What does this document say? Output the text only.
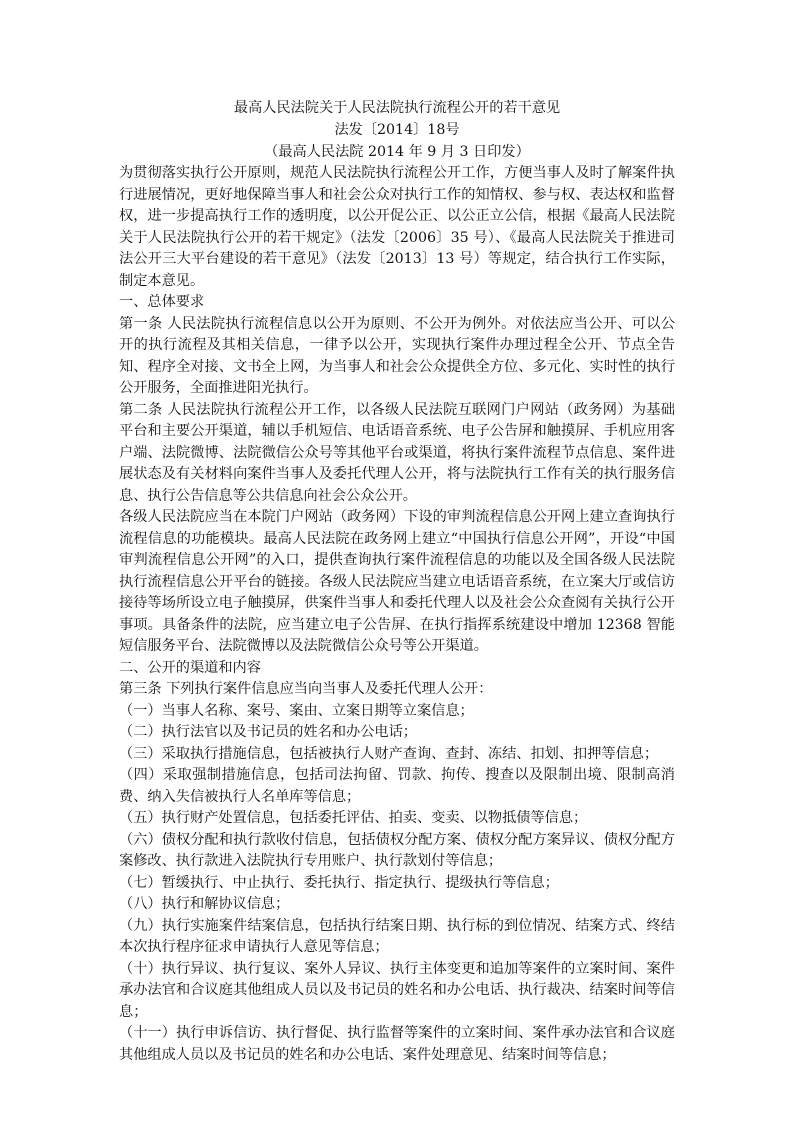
最高人民法院关于人民法院执行流程公开的若干意见
法发〔2014〕18号
（最高人民法院 2014 年 9 月 3 日印发）

为贯彻落实执行公开原则，规范人民法院执行流程公开工作，方便当事人及时了解案件执行进展情况，更好地保障当事人和社会公众对执行工作的知情权、参与权、表达权和监督权，进一步提高执行工作的透明度，以公开促公正、以公正立公信，根据《最高人民法院关于人民法院执行公开的若干规定》（法发〔2006〕35 号）、《最高人民法院关于推进司法公开三大平台建设的若干意见》（法发〔2013〕13 号）等规定，结合执行工作实际，制定本意见。

一、总体要求

第一条 人民法院执行流程信息以公开为原则、不公开为例外。对依法应当公开、可以公开的执行流程及其相关信息，一律予以公开，实现执行案件办理过程全公开、节点全告知、程序全对接、文书全上网，为当事人和社会公众提供全方位、多元化、实时性的执行公开服务，全面推进阳光执行。

第二条 人民法院执行流程公开工作，以各级人民法院互联网门户网站（政务网）为基础平台和主要公开渠道，辅以手机短信、电话语音系统、电子公告屏和触摸屏、手机应用客户端、法院微博、法院微信公众号等其他平台或渠道，将执行案件流程节点信息、案件进展状态及有关材料向案件当事人及委托代理人公开，将与法院执行工作有关的执行服务信息、执行公告信息等公共信息向社会公众公开。

各级人民法院应当在本院门户网站（政务网）下设的审判流程信息公开网上建立查询执行流程信息的功能模块。最高人民法院在政务网上建立“中国执行信息公开网”，开设“中国审判流程信息公开网”的入口，提供查询执行案件流程信息的功能以及全国各级人民法院执行流程信息公开平台的链接。各级人民法院应当建立电话语音系统，在立案大厅或信访接待等场所设立电子触摸屏，供案件当事人和委托代理人以及社会公众查阅有关执行公开事项。具备条件的法院，应当建立电子公告屏、在执行指挥系统建设中增加 12368 智能短信服务平台、法院微博以及法院微信公众号等公开渠道。

二、公开的渠道和内容

第三条 下列执行案件信息应当向当事人及委托代理人公开：

（一）当事人名称、案号、案由、立案日期等立案信息；

（二）执行法官以及书记员的姓名和办公电话；

（三）采取执行措施信息，包括被执行人财产查询、查封、冻结、扣划、扣押等信息；

（四）采取强制措施信息，包括司法拘留、罚款、拘传、搜查以及限制出境、限制高消费、纳入失信被执行人名单库等信息；

（五）执行财产处置信息，包括委托评估、拍卖、变卖、以物抵债等信息；

（六）债权分配和执行款收付信息，包括债权分配方案、债权分配方案异议、债权分配方案修改、执行款进入法院执行专用账户、执行款划付等信息；

（七）暂缓执行、中止执行、委托执行、指定执行、提级执行等信息；

（八）执行和解协议信息；

（九）执行实施案件结案信息，包括执行结案日期、执行标的到位情况、结案方式、终结本次执行程序征求申请执行人意见等信息；

（十）执行异议、执行复议、案外人异议、执行主体变更和追加等案件的立案时间、案件承办法官和合议庭其他组成人员以及书记员的姓名和办公电话、执行裁决、结案时间等信息；

（十一）执行申诉信访、执行督促、执行监督等案件的立案时间、案件承办法官和合议庭其他组成人员以及书记员的姓名和办公电话、案件处理意见、结案时间等信息；
